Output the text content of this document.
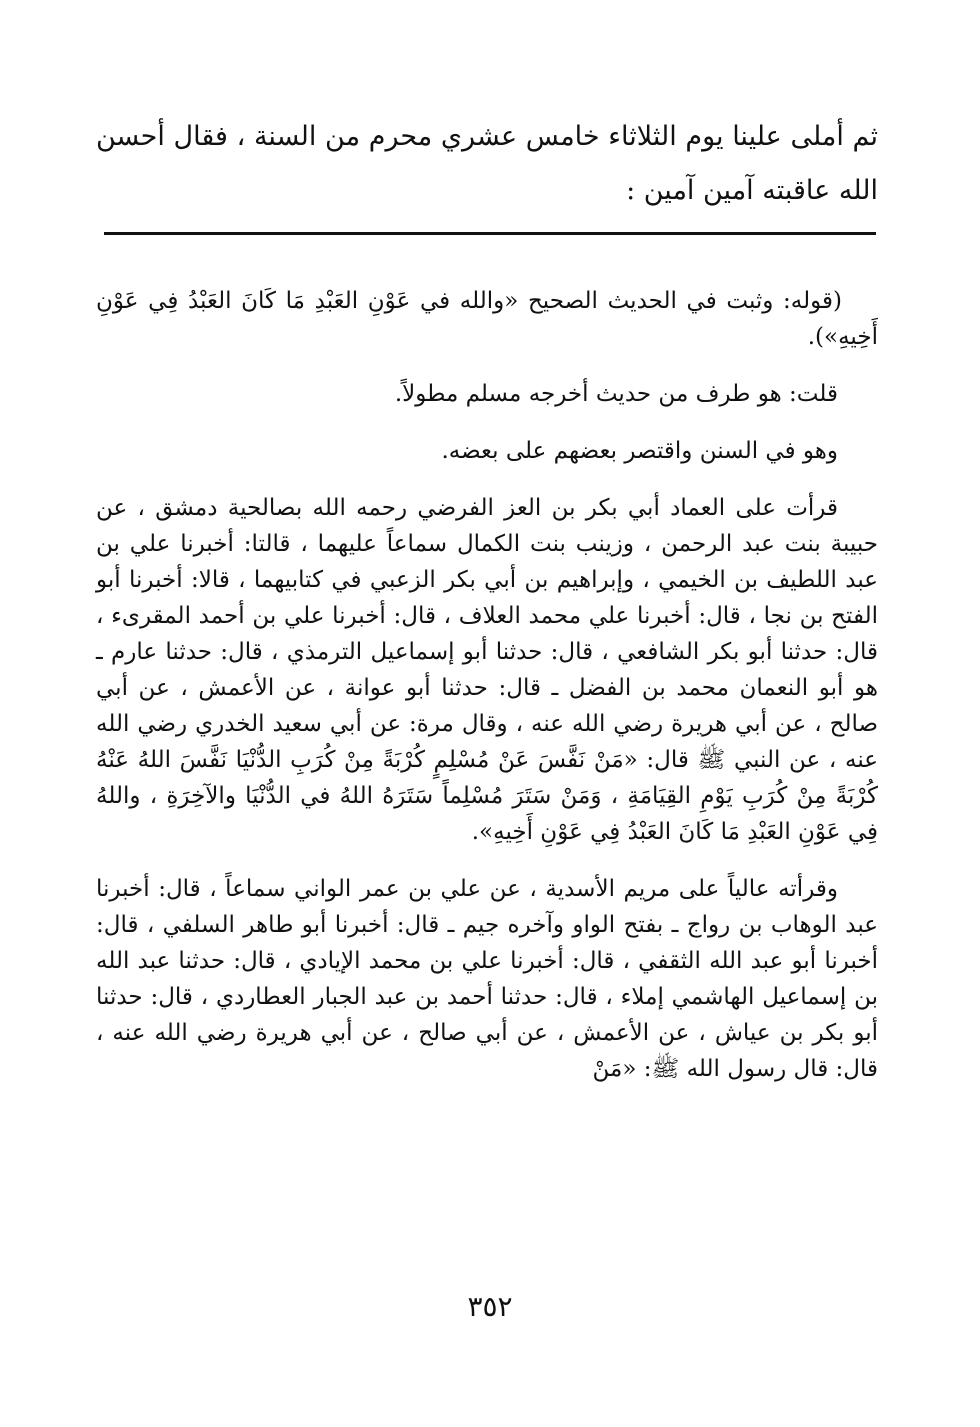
ثم أملى علينا يوم الثلاثاء خامس عشري محرم من السنة ، فقال أحسن الله عاقبته آمين آمين :

(قوله: وثبت في الحديث الصحيح «والله في عَوْنِ العَبْدِ مَا كَانَ العَبْدُ فِي عَوْنِ أَخِيهِ»).

قلت: هو طرف من حديث أخرجه مسلم مطولاً.

وهو في السنن واقتصر بعضهم على بعضه.

قرأت على العماد أبي بكر بن العز الفرضي رحمه الله بصالحية دمشق ، عن حبيبة بنت عبد الرحمن ، وزينب بنت الكمال سماعاً عليهما ، قالتا: أخبرنا علي بن عبد اللطيف بن الخيمي ، وإبراهيم بن أبي بكر الزعبي في كتابيهما ، قالا: أخبرنا أبو الفتح بن نجا ، قال: أخبرنا علي محمد العلاف ، قال: أخبرنا علي بن أحمد المقرىء ، قال: حدثنا أبو بكر الشافعي ، قال: حدثنا أبو إسماعيل الترمذي ، قال: حدثنا عارم ـ هو أبو النعمان محمد بن الفضل ـ قال: حدثنا أبو عوانة ، عن الأعمش ، عن أبي صالح ، عن أبي هريرة رضي الله عنه ، وقال مرة: عن أبي سعيد الخدري رضي الله عنه ، عن النبي ﷺ قال: «مَنْ نَفَّسَ عَنْ مُسْلِمٍ كُرْبَةً مِنْ كُرَبِ الدُّنْيَا نَفَّسَ اللهُ عَنْهُ كُرْبَةً مِنْ كُرَبِ يَوْمِ القِيَامَةِ ، وَمَنْ سَتَرَ مُسْلِماً سَتَرَهُ اللهُ في الدُّنْيَا والآخِرَةِ ، واللهُ فِي عَوْنِ العَبْدِ مَا كَانَ العَبْدُ فِي عَوْنِ أَخِيهِ».

وقرأته عالياً على مريم الأسدية ، عن علي بن عمر الواني سماعاً ، قال: أخبرنا عبد الوهاب بن رواج ـ بفتح الواو وآخره جيم ـ قال: أخبرنا أبو طاهر السلفي ، قال: أخبرنا أبو عبد الله الثقفي ، قال: أخبرنا علي بن محمد الإيادي ، قال: حدثنا عبد الله بن إسماعيل الهاشمي إملاء ، قال: حدثنا أحمد بن عبد الجبار العطاردي ، قال: حدثنا أبو بكر بن عياش ، عن الأعمش ، عن أبي صالح ، عن أبي هريرة رضي الله عنه ، قال: قال رسول الله ﷺ: «مَنْ

٣٥٢
